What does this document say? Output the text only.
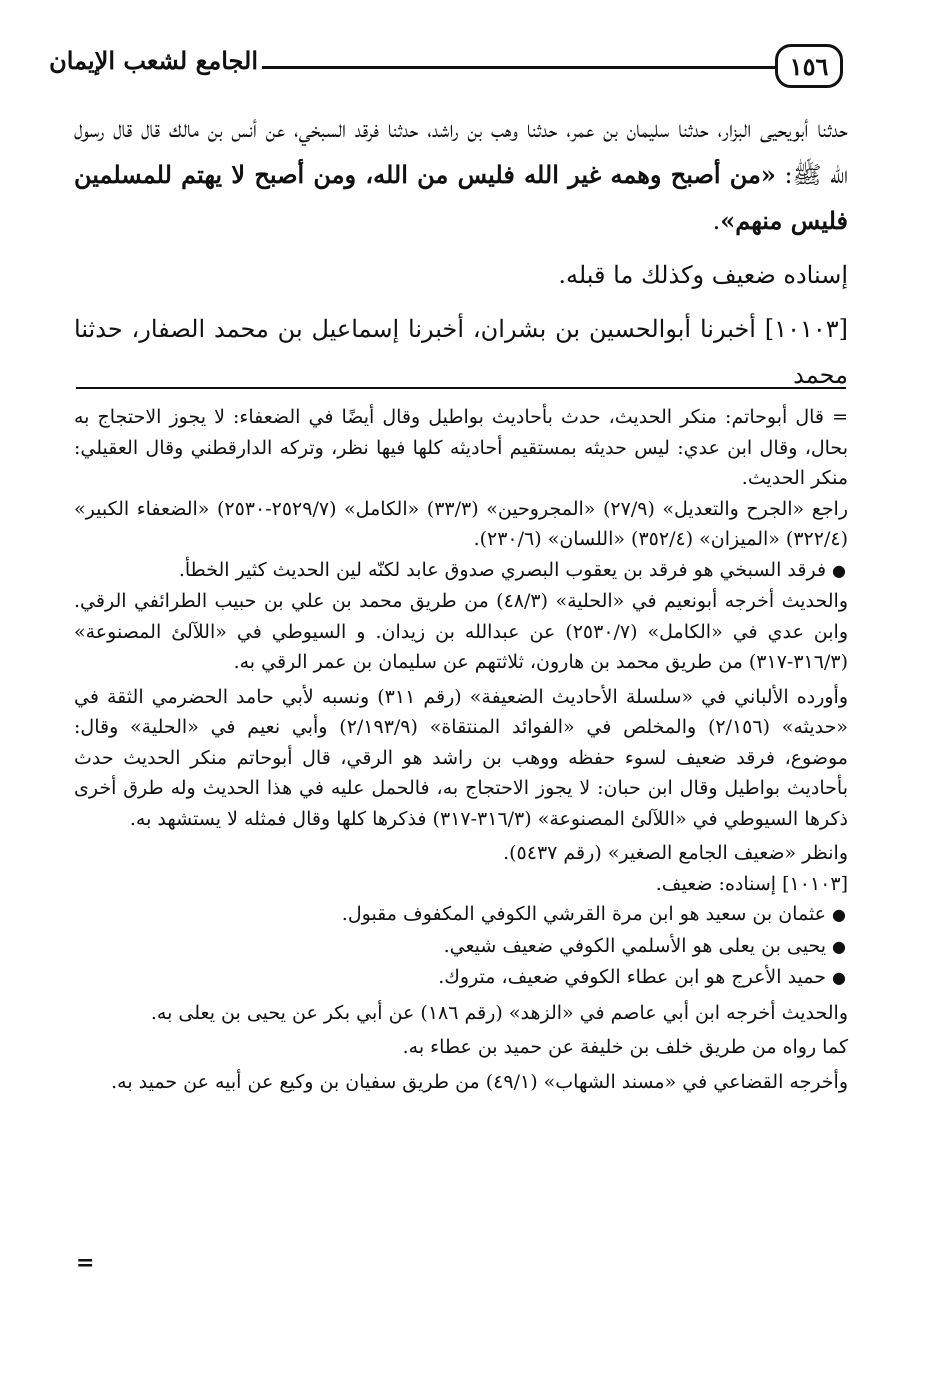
١٥٦
الجامع لشعب الإيمان

حدثنا أبويحيى البزار، حدثنا سليمان بن عمر، حدثنا وهب بن راشد، حدثنا فرقد السبخي، عن أنس بن مالك قال قال رسول الله ﷺ: «من أصبح وهمه غير الله فليس من الله، ومن أصبح لا يهتم للمسلمين فليس منهم».

إسناده ضعيف وكذلك ما قبله.

[١٠١٠٣] أخبرنا أبوالحسين بن بشران، أخبرنا إسماعيل بن محمد الصفار، حدثنا محمد

= قال أبوحاتم: منكر الحديث، حدث بأحاديث بواطيل وقال أيضًا في الضعفاء: لا يجوز الاحتجاج به بحال، وقال ابن عدي: ليس حديثه بمستقيم أحاديثه كلها فيها نظر، وتركه الدارقطني وقال العقيلي: منكر الحديث.

راجع «الجرح والتعديل» (٢٧/٩) «المجروحين» (٣٣/٣) «الكامل» (٢٥٢٩/٧-٢٥٣٠) «الضعفاء الكبير» (٣٢٢/٤) «الميزان» (٣٥٢/٤) «اللسان» (٢٣٠/٦).

●فرقد السبخي هو فرقد بن يعقوب البصري صدوق عابد لكنّه لين الحديث كثير الخطأ.

والحديث أخرجه أبونعيم في «الحلية» (٤٨/٣) من طريق محمد بن علي بن حبيب الطرائفي الرقي. وابن عدي في «الكامل» (٢٥٣٠/٧) عن عبدالله بن زيدان. و السيوطي في «اللآلئ المصنوعة» (٣١٦/٣-٣١٧) من طريق محمد بن هارون، ثلاثتهم عن سليمان بن عمر الرقي به.

وأورده الألباني في «سلسلة الأحاديث الضعيفة» (رقم ٣١١) ونسبه لأبي حامد الحضرمي الثقة في «حديثه» (٢/١٥٦) والمخلص في «الفوائد المنتقاة» (٢/١٩٣/٩) وأبي نعيم في «الحلية» وقال: موضوع، فرقد ضعيف لسوء حفظه ووهب بن راشد هو الرقي، قال أبوحاتم منكر الحديث حدث بأحاديث بواطيل وقال ابن حبان: لا يجوز الاحتجاج به، فالحمل عليه في هذا الحديث وله طرق أخرى ذكرها السيوطي في «اللآلئ المصنوعة» (٣١٦/٣-٣١٧) فذكرها كلها وقال فمثله لا يستشهد به.

وانظر «ضعيف الجامع الصغير» (رقم ٥٤٣٧).

[١٠١٠٣] إسناده: ضعيف.

●عثمان بن سعيد هو ابن مرة القرشي الكوفي المكفوف مقبول.

●يحيى بن يعلى هو الأسلمي الكوفي ضعيف شيعي.

●حميد الأعرج هو ابن عطاء الكوفي ضعيف، متروك.

والحديث أخرجه ابن أبي عاصم في «الزهد» (رقم ١٨٦) عن أبي بكر عن يحيى بن يعلى به.

كما رواه من طريق خلف بن خليفة عن حميد بن عطاء به.

وأخرجه القضاعي في «مسند الشهاب» (٤٩/١) من طريق سفيان بن وكيع عن أبيه عن حميد به.

=
